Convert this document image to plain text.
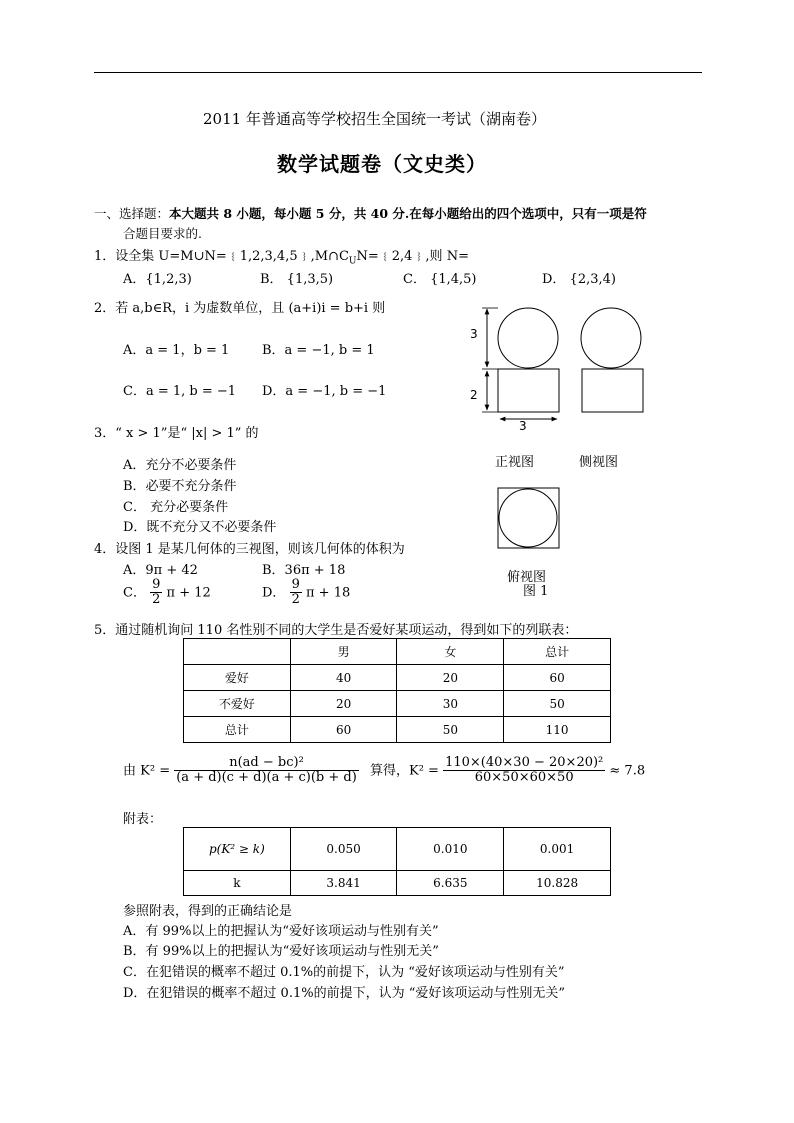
2011 年普通高等学校招生全国统一考试（湖南卷）
数学试题卷（文史类）
一、选择题：本大题共 8 小题，每小题 5 分，共 40 分.在每小题给出的四个选项中，只有一项是符
合题目要求的.
1．设全集 $U=M\cup N=﹛1,2,3,4,5﹜,M\cap C_UN=﹛2,4﹜$,则 N=
A．{1,2,3)	B． {1,3,5)	C． {1,4,5)	D． {2,3,4)
2．若 a,b∈R，i 为虚数单位，且 (a+i)i = b+i 则
A．a = 1，b = 1	B．a = −1, b = 1
C．a = 1, b = −1 D．a = −1, b = −1
3．“ x > 1”是“ |x| > 1” 的
A．充分不必要条件
B．必要不充分条件
C． 充分必要条件
D．既不充分又不必要条件
4．设图 1 是某几何体的三视图，则该几何体的体积为
A．9π + 42	B．36π + 18
C． $\frac{9}{2}$ π + 12	D． $\frac{9}{2}$ π + 18
3
2
3
正视图	侧视图
俯视图
图 1
5．通过随机询问 110 名性别不同的大学生是否爱好某项运动，得到如下的列联表：
	男	女	总计
爱好	40	20	60
不爱好	20	30	50
总计	60	50	110
由 $K^2 = \frac{\text{n(ad − bc)²}}{(a + d)(c + d)(a + c)(b + d)}$ 算得，$K^2 = \frac{\text{110×(40×30 − 20×20)²}}{60\times 50\times 60\times 50} \approx 7.8$
附表：
p(K² ≥ k)	0.050	0.010	0.001
k	3.841	6.635	10.828
参照附表，得到的正确结论是
A．有 99%以上的把握认为“爱好该项运动与性别有关”
B．有 99%以上的把握认为“爱好该项运动与性别无关”
C．在犯错误的概率不超过 0.1%的前提下，认为 “爱好该项运动与性别有关”
D．在犯错误的概率不超过 0.1%的前提下，认为 “爱好该项运动与性别无关”
